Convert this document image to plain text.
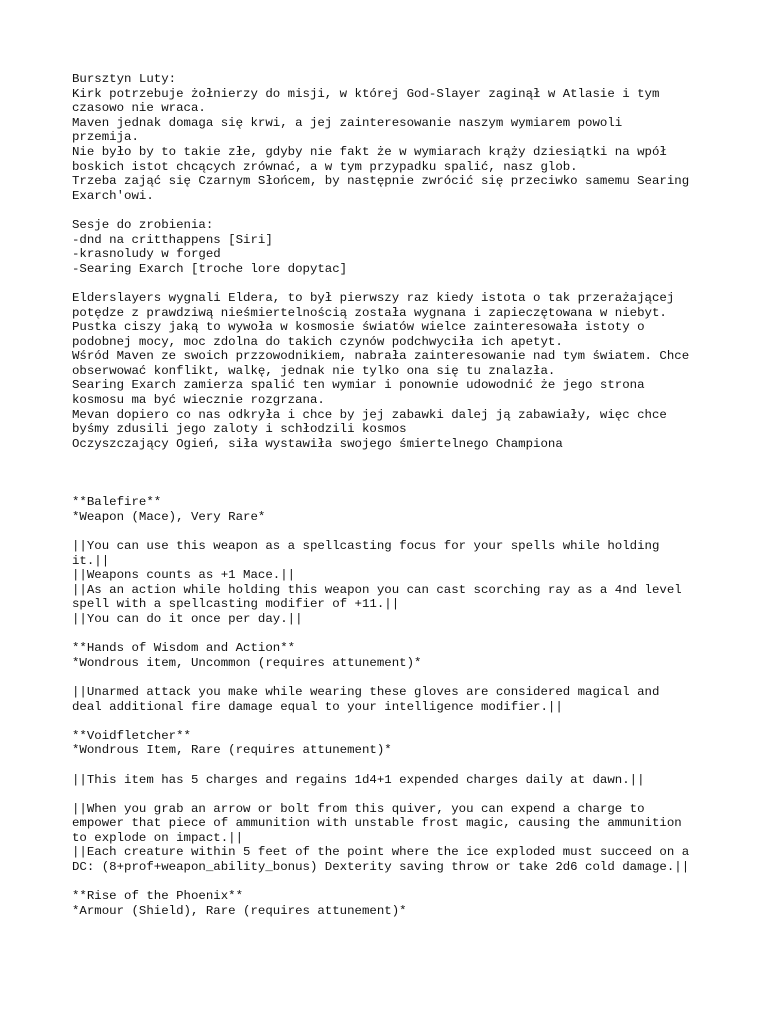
Bursztyn Luty:
Kirk potrzebuje żołnierzy do misji, w której God-Slayer zaginął w Atlasie i tym
czasowo nie wraca.
Maven jednak domaga się krwi, a jej zainteresowanie naszym wymiarem powoli
przemija.
Nie było by to takie złe, gdyby nie fakt że w wymiarach krąży dziesiątki na wpół
boskich istot chcących zrównać, a w tym przypadku spalić, nasz glob.
Trzeba zająć się Czarnym Słońcem, by następnie zwrócić się przeciwko samemu Searing
Exarch'owi.
Sesje do zrobienia:
-dnd na critthappens [Siri]
-krasnoludy w forged
-Searing Exarch [troche lore dopytac]
Elderslayers wygnali Eldera, to był pierwszy raz kiedy istota o tak przerażającej
potędze z prawdziwą nieśmiertelnością została wygnana i zapieczętowana w niebyt.
Pustka ciszy jaką to wywoła w kosmosie światów wielce zainteresowała istoty o
podobnej mocy, moc zdolna do takich czynów podchwyciła ich apetyt.
Wśród Maven ze swoich przzowodnikiem, nabrała zainteresowanie nad tym światem. Chce
obserwować konflikt, walkę, jednak nie tylko ona się tu znalazła.
Searing Exarch zamierza spalić ten wymiar i ponownie udowodnić że jego strona
kosmosu ma być wiecznie rozgrzana.
Mevan dopiero co nas odkryła i chce by jej zabawki dalej ją zabawiały, więc chce
byśmy zdusili jego zaloty i schłodzili kosmos
Oczyszczający Ogień, siła wystawiła swojego śmiertelnego Championa
**Balefire**
*Weapon (Mace), Very Rare*
||You can use this weapon as a spellcasting focus for your spells while holding
it.||
||Weapons counts as +1 Mace.||
||As an action while holding this weapon you can cast scorching ray as a 4nd level
spell with a spellcasting modifier of +11.||
||You can do it once per day.||
**Hands of Wisdom and Action**
*Wondrous item, Uncommon (requires attunement)*
||Unarmed attack you make while wearing these gloves are considered magical and
deal additional fire damage equal to your intelligence modifier.||
**Voidfletcher**
*Wondrous Item, Rare (requires attunement)*
||This item has 5 charges and regains 1d4+1 expended charges daily at dawn.||
||When you grab an arrow or bolt from this quiver, you can expend a charge to
empower that piece of ammunition with unstable frost magic, causing the ammunition
to explode on impact.||
||Each creature within 5 feet of the point where the ice exploded must succeed on a
DC: (8+prof+weapon_ability_bonus) Dexterity saving throw or take 2d6 cold damage.||
**Rise of the Phoenix**
*Armour (Shield), Rare (requires attunement)*
